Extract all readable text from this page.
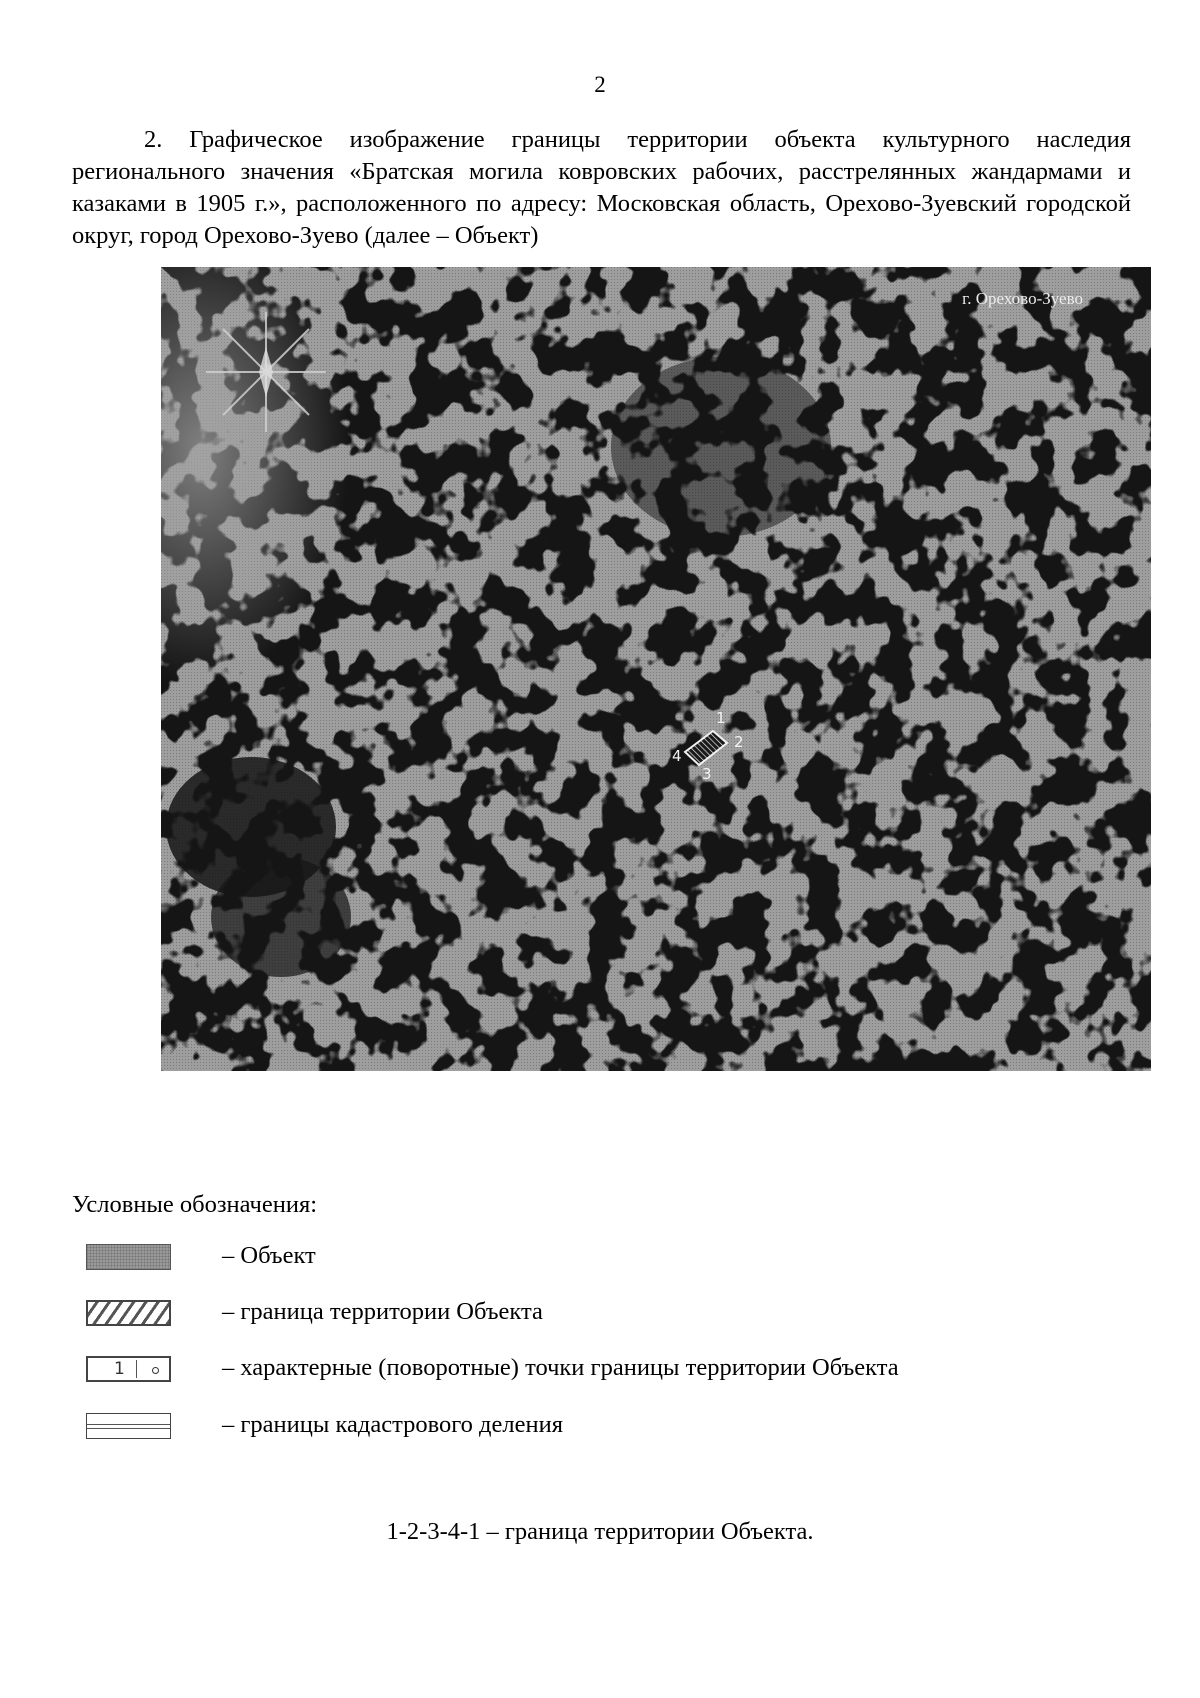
2
2. Графическое изображение границы территории объекта культурного наследия регионального значения «Братская могила ковровских рабочих, расстрелянных жандармами и казаками в 1905 г.», расположенного по адресу: Московская область, Орехово-Зуевский городской округ, город Орехово-Зуево (далее – Объект)
г. Орехово-Зуево
1
2
3
4
Условные обозначения:
– Объект
– граница территории Объекта
1	– характерные (поворотные) точки границы территории Объекта
– границы кадастрового деления
1-2-3-4-1 – граница территории Объекта.
